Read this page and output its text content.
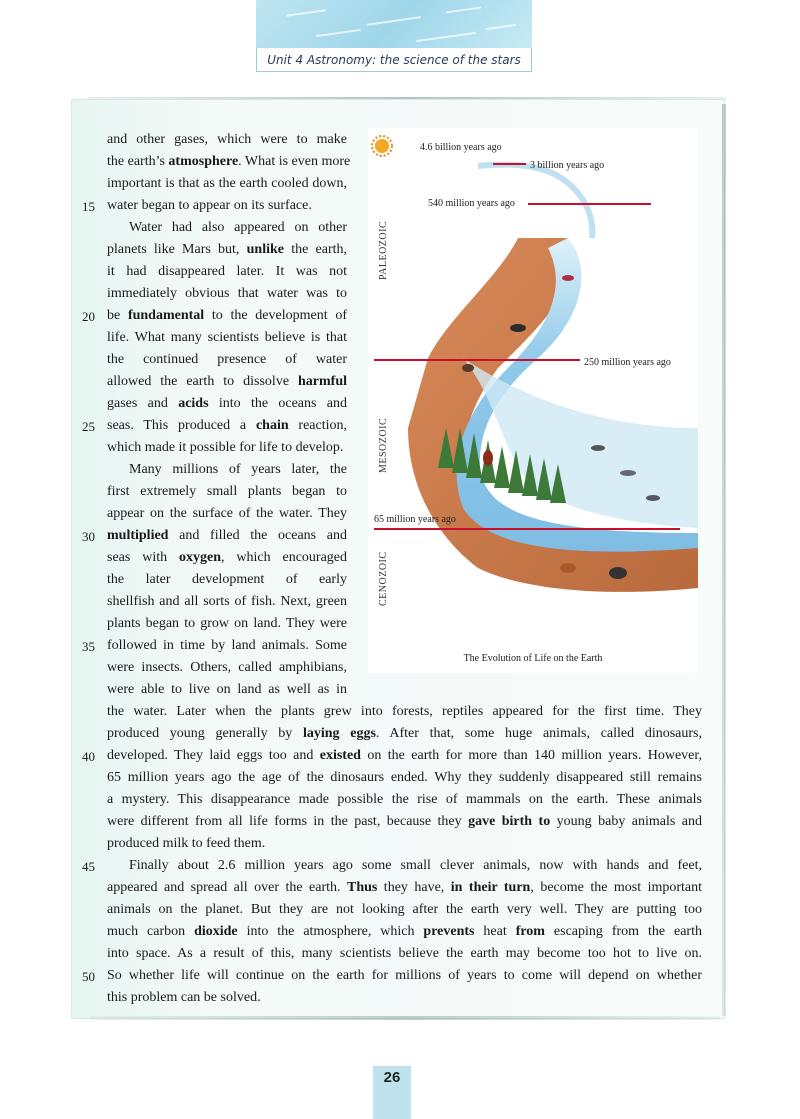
Unit 4 Astronomy: the science of the stars
and other gases, which were to make
the earth’s atmosphere. What is even more
important is that as the earth cooled down,
water began to appear on its surface.
Water had also appeared on other
planets like Mars but, unlike the earth,
it had disappeared later. It was not
immediately obvious that water was to
be fundamental to the development of
life. What many scientists believe is that
the continued presence of water
allowed the earth to dissolve harmful
gases and acids into the oceans and
seas. This produced a chain reaction,
which made it possible for life to develop.
Many millions of years later, the
first extremely small plants began to
appear on the surface of the water. They
multiplied and filled the oceans and
seas with oxygen, which encouraged
the later development of early
shellfish and all sorts of fish. Next, green
plants began to grow on land. They were
followed in time by land animals. Some
were insects. Others, called amphibians,
were able to live on land as well as in
the water. Later when the plants grew into forests, reptiles appeared for the first time. They
produced young generally by laying eggs. After that, some huge animals, called dinosaurs,
developed. They laid eggs too and existed on the earth for more than 140 million years. However,
65 million years ago the age of the dinosaurs ended. Why they suddenly disappeared still remains
a mystery. This disappearance made possible the rise of mammals on the earth. These animals
were different from all life forms in the past, because they gave birth to young baby animals and
produced milk to feed them.
Finally about 2.6 million years ago some small clever animals, now with hands and feet,
appeared and spread all over the earth. Thus they have, in their turn, become the most important
animals on the planet. But they are not looking after the earth very well. They are putting too
much carbon dioxide into the atmosphere, which prevents heat from escaping from the earth
into space. As a result of this, many scientists believe the earth may become too hot to live on.
So whether life will continue on the earth for millions of years to come will depend on whether
this problem can be solved.
15
20
25
30
35
40
45
50
4.6 billion years ago
3 billion years ago
540 million years ago
250 million years ago
65 million years ago
PALEOZOIC
MESOZOIC
CENOZOIC
The Evolution of Life on the Earth
26
